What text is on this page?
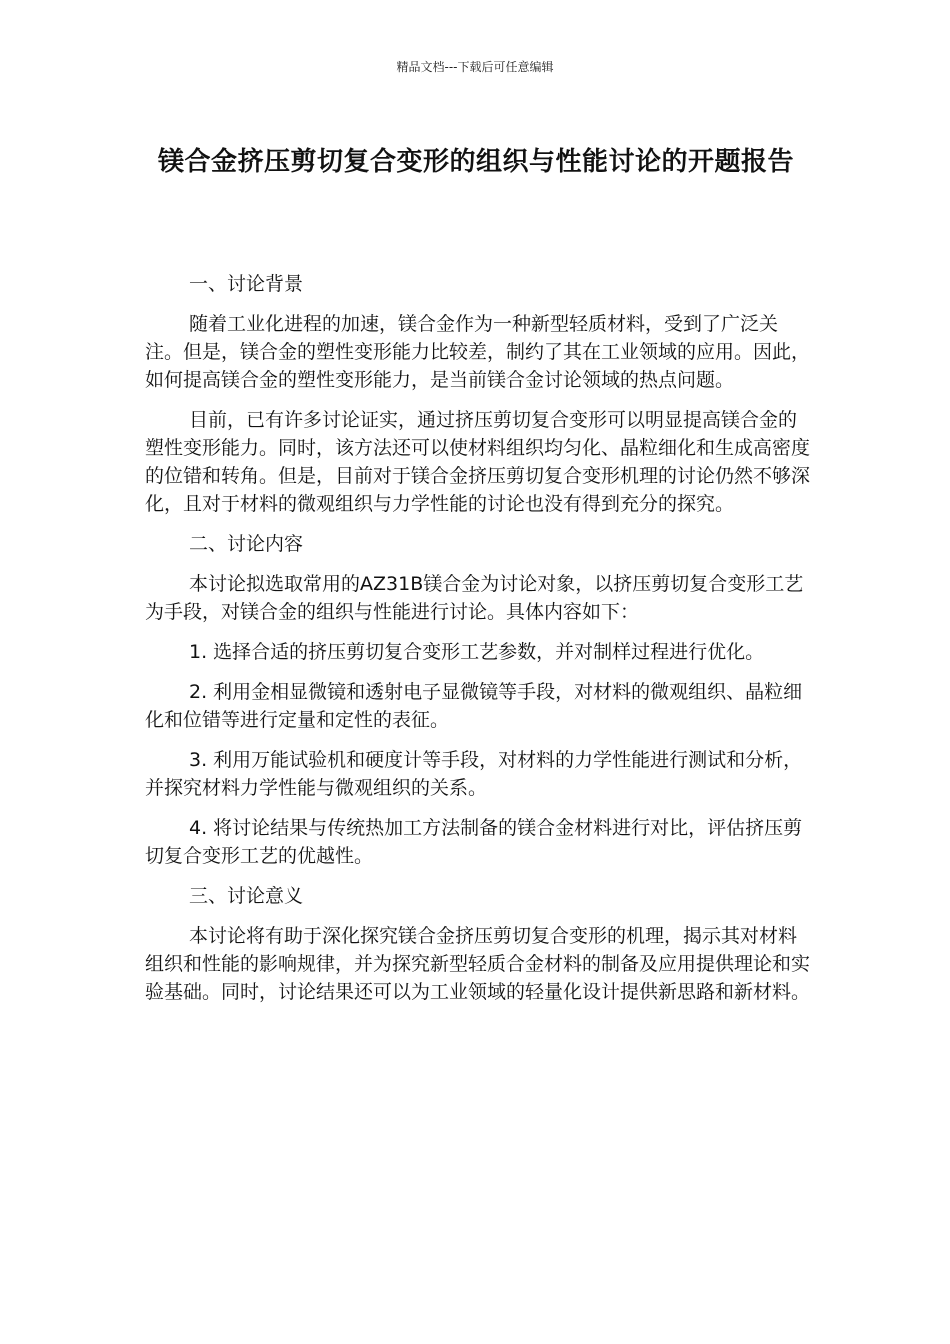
精品文档---下载后可任意编辑
镁合金挤压剪切复合变形的组织与性能讨论的开题报告

一、讨论背景

随着工业化进程的加速，镁合金作为一种新型轻质材料，受到了广泛关注。但是，镁合金的塑性变形能力比较差，制约了其在工业领域的应用。因此，如何提高镁合金的塑性变形能力，是当前镁合金讨论领域的热点问题。

目前，已有许多讨论证实，通过挤压剪切复合变形可以明显提高镁合金的塑性变形能力。同时，该方法还可以使材料组织均匀化、晶粒细化和生成高密度的位错和转角。但是，目前对于镁合金挤压剪切复合变形机理的讨论仍然不够深化，且对于材料的微观组织与力学性能的讨论也没有得到充分的探究。

二、讨论内容

本讨论拟选取常用的AZ31B镁合金为讨论对象，以挤压剪切复合变形工艺为手段，对镁合金的组织与性能进行讨论。具体内容如下：

1. 选择合适的挤压剪切复合变形工艺参数，并对制样过程进行优化。

2. 利用金相显微镜和透射电子显微镜等手段，对材料的微观组织、晶粒细化和位错等进行定量和定性的表征。

3. 利用万能试验机和硬度计等手段，对材料的力学性能进行测试和分析，并探究材料力学性能与微观组织的关系。

4. 将讨论结果与传统热加工方法制备的镁合金材料进行对比，评估挤压剪切复合变形工艺的优越性。

三、讨论意义

本讨论将有助于深化探究镁合金挤压剪切复合变形的机理，揭示其对材料组织和性能的影响规律，并为探究新型轻质合金材料的制备及应用提供理论和实验基础。同时，讨论结果还可以为工业领域的轻量化设计提供新思路和新材料。
